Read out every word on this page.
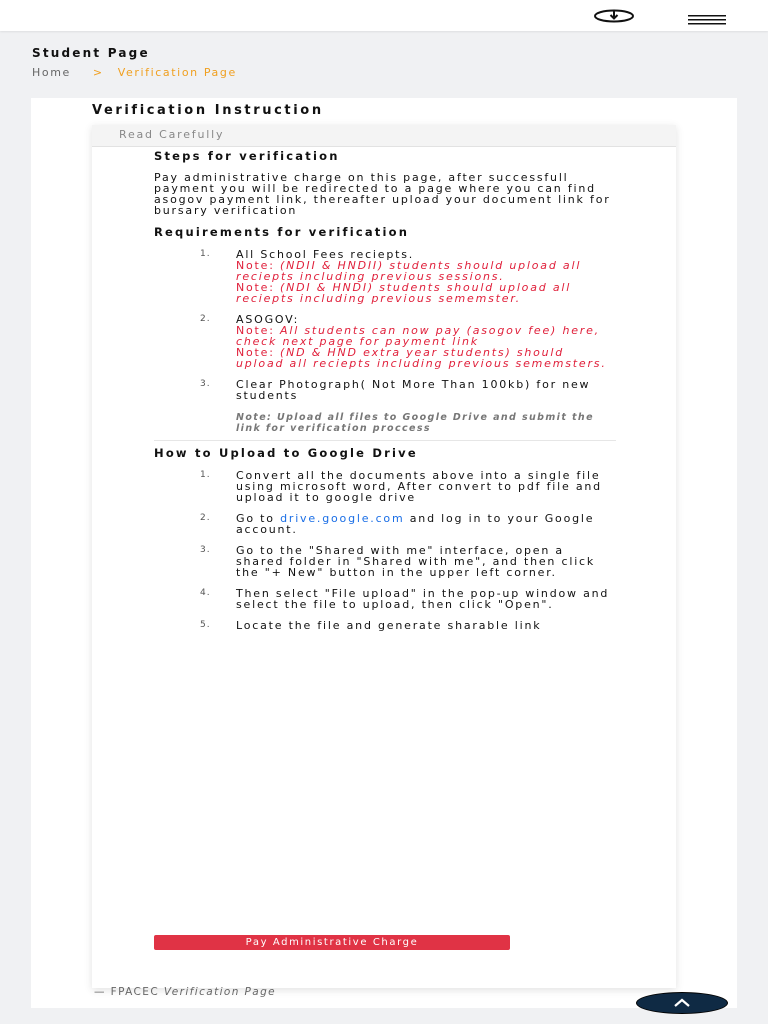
Student Page
Home > Verification Page
Verification Instruction
Read Carefully
Steps for verification
Pay administrative charge on this page, after successfull payment you will be redirected to a page where you can find asogov payment link, thereafter upload your document link for bursary verification
Requirements for verification
1. All School Fees reciepts.
Note: (NDII & HNDII) students should upload all reciepts including previous sessions.
Note: (NDI & HNDI) students should upload all reciepts including previous sememster.
2. ASOGOV:
Note: All students can now pay (asogov fee) here, check next page for payment link
Note: (ND & HND extra year students) should upload all reciepts including previous sememsters.
3. Clear Photograph( Not More Than 100kb) for new students
Note: Upload all files to Google Drive and submit the link for verification proccess
How to Upload to Google Drive
1. Convert all the documents above into a single file using microsoft word, After convert to pdf file and upload it to google drive
2. Go to drive.google.com and log in to your Google account.
3. Go to the "Shared with me" interface, open a shared folder in "Shared with me", and then click the "+ New" button in the upper left corner.
4. Then select "File upload" in the pop-up window and select the file to upload, then click "Open".
5. Locate the file and generate sharable link
Pay Administrative Charge
— FPACEC Verification Page
